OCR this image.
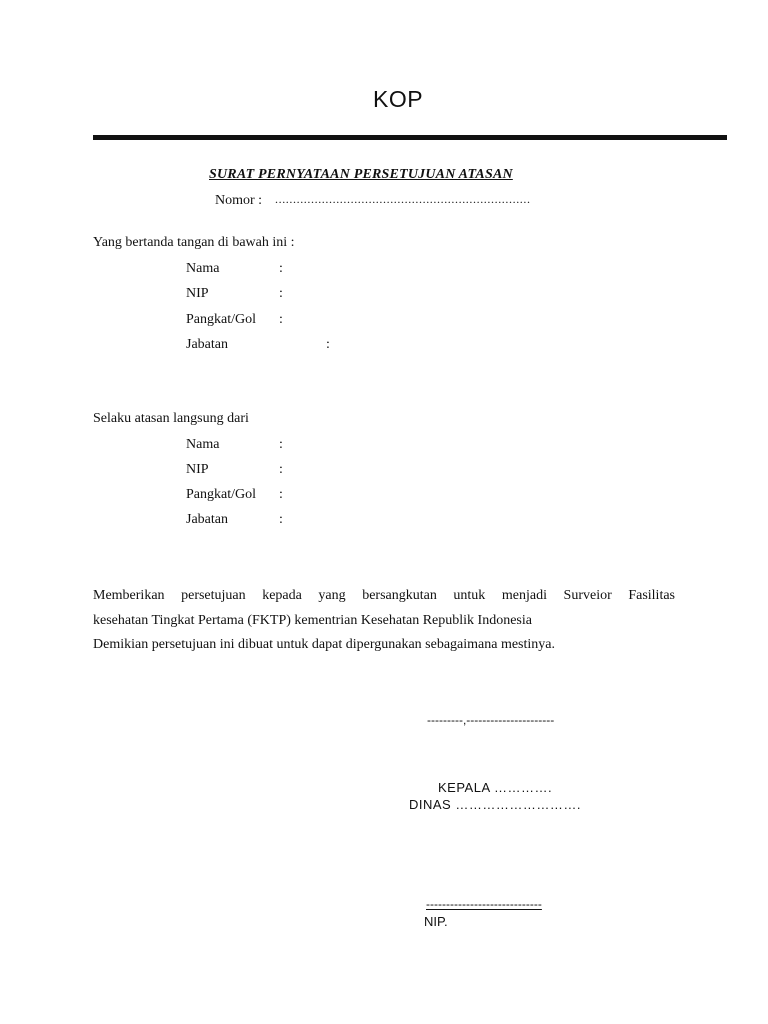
KOP
SURAT PERNYATAAN PERSETUJUAN ATASAN
Nomor : .......................................................................
Yang bertanda tangan di bawah ini :
Nama	:
NIP	:
Pangkat/Gol :
Jabatan	:
Selaku atasan langsung dari
Nama	:
NIP	:
Pangkat/Gol :
Jabatan	:
Memberikan persetujuan kepada yang bersangkutan untuk menjadi Surveior Fasilitas
kesehatan Tingkat Pertama (FKTP) kementrian Kesehatan Republik Indonesia
Demikian persetujuan ini dibuat untuk dapat dipergunakan sebagaimana mestinya.
---------,----------------------
KEPALA ………….
DINAS ……………………….
-----------------------------
NIP.
